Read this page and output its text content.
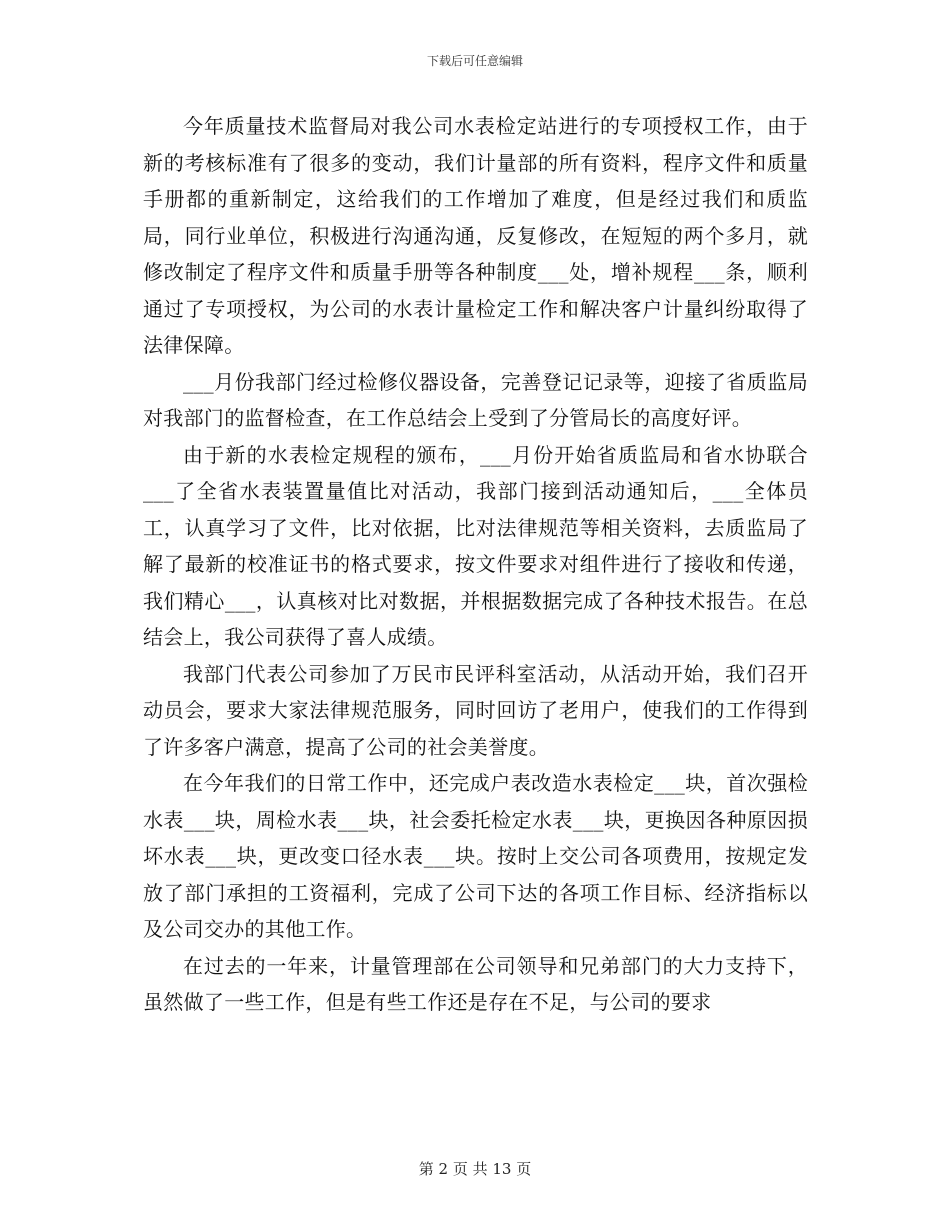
下载后可任意编辑

今年质量技术监督局对我公司水表检定站进行的专项授权工作，由于新的考核标准有了很多的变动，我们计量部的所有资料，程序文件和质量手册都的重新制定，这给我们的工作增加了难度，但是经过我们和质监局，同行业单位，积极进行沟通沟通，反复修改，在短短的两个多月，就修改制定了程序文件和质量手册等各种制度___处，增补规程___条，顺利通过了专项授权，为公司的水表计量检定工作和解决客户计量纠纷取得了法律保障。

___月份我部门经过检修仪器设备，完善登记记录等，迎接了省质监局对我部门的监督检查，在工作总结会上受到了分管局长的高度好评。

由于新的水表检定规程的颁布，___月份开始省质监局和省水协联合___了全省水表装置量值比对活动，我部门接到活动通知后，___全体员工，认真学习了文件，比对依据，比对法律规范等相关资料，去质监局了解了最新的校准证书的格式要求，按文件要求对组件进行了接收和传递，我们精心___，认真核对比对数据，并根据数据完成了各种技术报告。在总结会上，我公司获得了喜人成绩。

我部门代表公司参加了万民市民评科室活动，从活动开始，我们召开动员会，要求大家法律规范服务，同时回访了老用户，使我们的工作得到了许多客户满意，提高了公司的社会美誉度。

在今年我们的日常工作中，还完成户表改造水表检定___块，首次强检水表___块，周检水表___块，社会委托检定水表___块，更换因各种原因损坏水表___块，更改变口径水表___块。按时上交公司各项费用，按规定发放了部门承担的工资福利，完成了公司下达的各项工作目标、经济指标以及公司交办的其他工作。

在过去的一年来，计量管理部在公司领导和兄弟部门的大力支持下，虽然做了一些工作，但是有些工作还是存在不足，与公司的要求

第 2 页 共 13 页
